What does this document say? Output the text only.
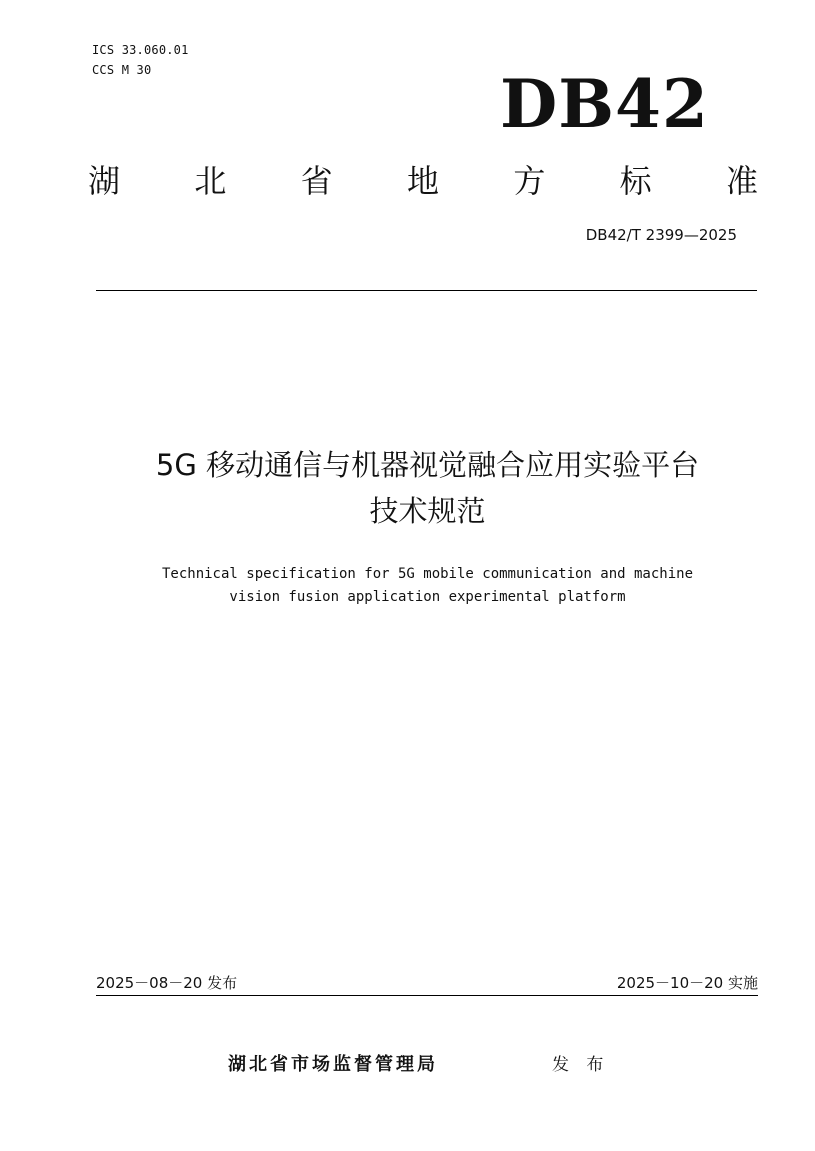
ICS 33.060.01
CCS M 30	DB42
湖 北 省 地 方 标 准
DB42/T 2399—2025
5G 移动通信与机器视觉融合应用实验平台
技术规范
Technical specification for 5G mobile communication and machine
vision fusion application experimental platform
2025－08－20 发布	2025－10－20 实施
湖北省市场监督管理局	发 布
